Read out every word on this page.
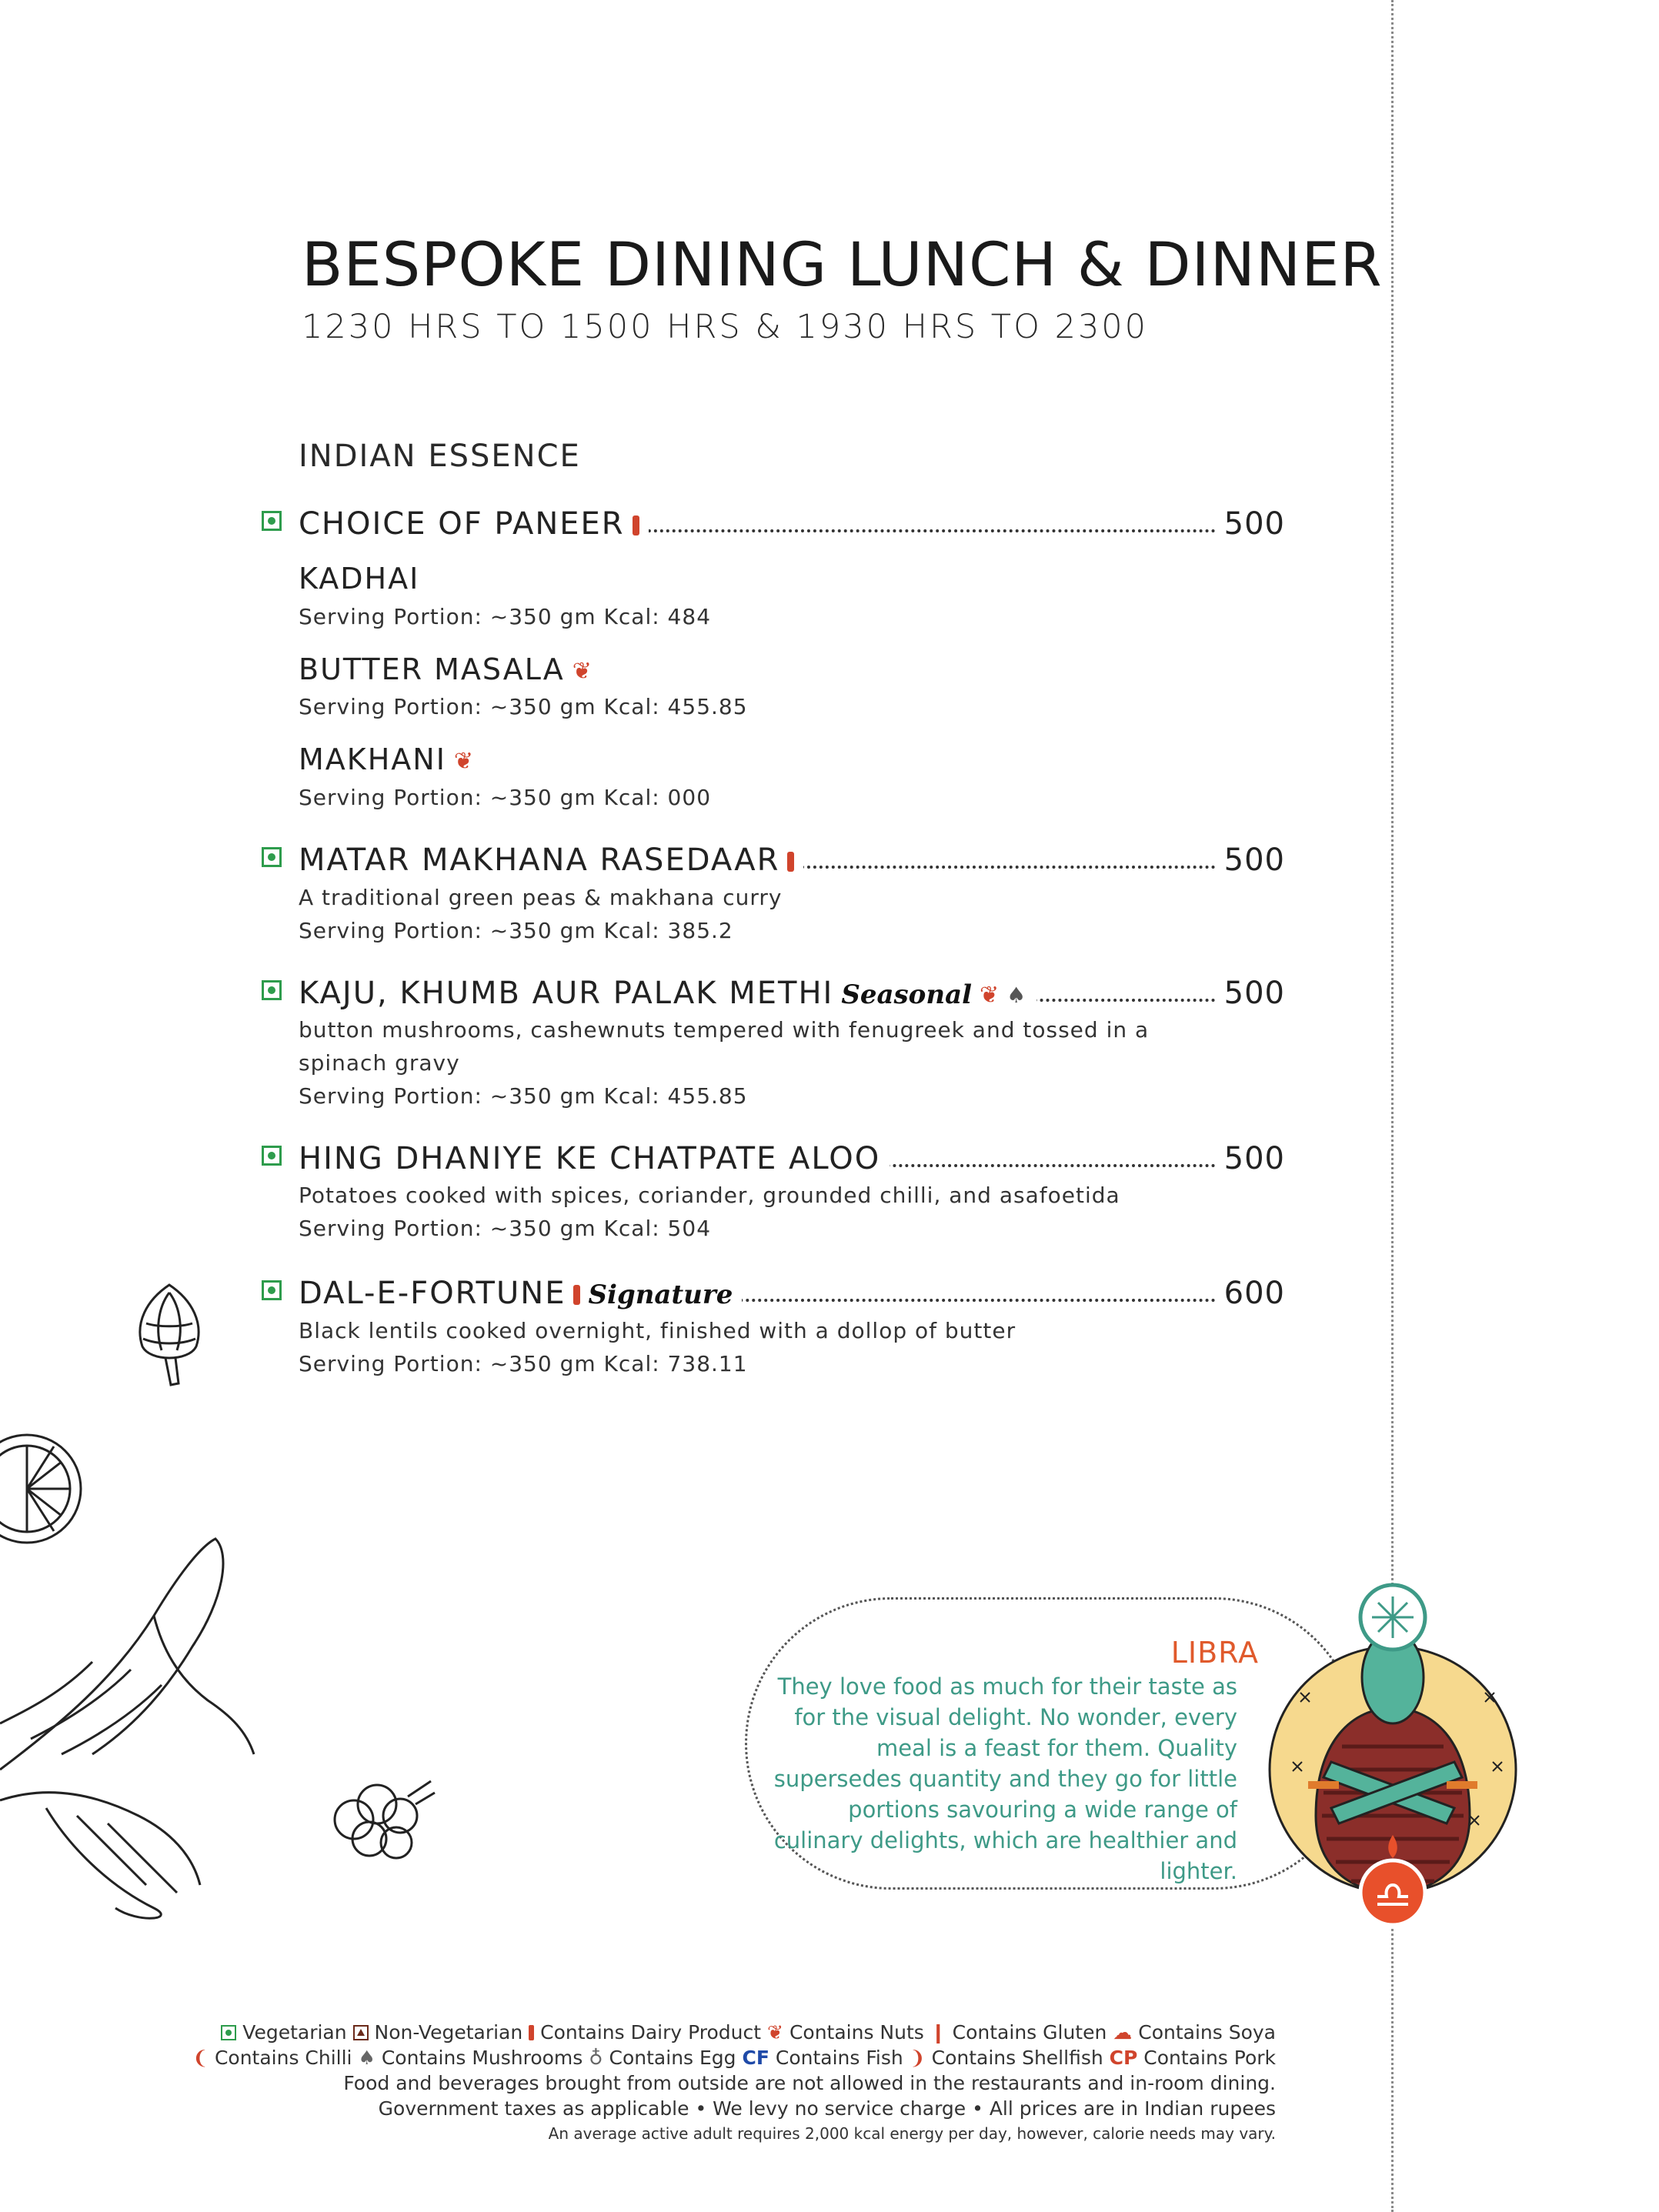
BESPOKE DINING LUNCH & DINNER
1230 HRS TO 1500 HRS & 1930 HRS TO 2300
INDIAN ESSENCE
CHOICE OF PANEER	500
KADHAI
Serving Portion: ~350 gm Kcal: 484
BUTTER MASALA ❦
Serving Portion: ~350 gm Kcal: 455.85
MAKHANI ❦
Serving Portion: ~350 gm Kcal: 000
MATAR MAKHANA RASEDAAR	500
A traditional green peas & makhana curry
Serving Portion: ~350 gm Kcal: 385.2
KAJU, KHUMB AUR PALAK METHI Seasonal ❦ ♠	500
button mushrooms, cashewnuts tempered with fenugreek and tossed in a
spinach gravy
Serving Portion: ~350 gm Kcal: 455.85
HING DHANIYE KE CHATPATE ALOO	500
Potatoes cooked with spices, coriander, grounded chilli, and asafoetida
Serving Portion: ~350 gm Kcal: 504
DAL-E-FORTUNE Signature	600
Black lentils cooked overnight, finished with a dollop of butter
Serving Portion: ~350 gm Kcal: 738.11
LIBRA
They love food as much for their taste as for the visual delight. No wonder, every meal is a feast for them. Quality supersedes quantity and they go for little portions savouring a wide range of culinary delights, which are healthier and lighter.
Vegetarian Non-Vegetarian Contains Dairy Product ❦ Contains Nuts ❙ Contains Gluten ☁ Contains Soya
❨ Contains Chilli ♠ Contains Mushrooms ♁ Contains Egg CF Contains Fish ❩ Contains Shellfish CP Contains Pork
Food and beverages brought from outside are not allowed in the restaurants and in-room dining.
Government taxes as applicable • We levy no service charge • All prices are in Indian rupees
An average active adult requires 2,000 kcal energy per day, however, calorie needs may vary.
